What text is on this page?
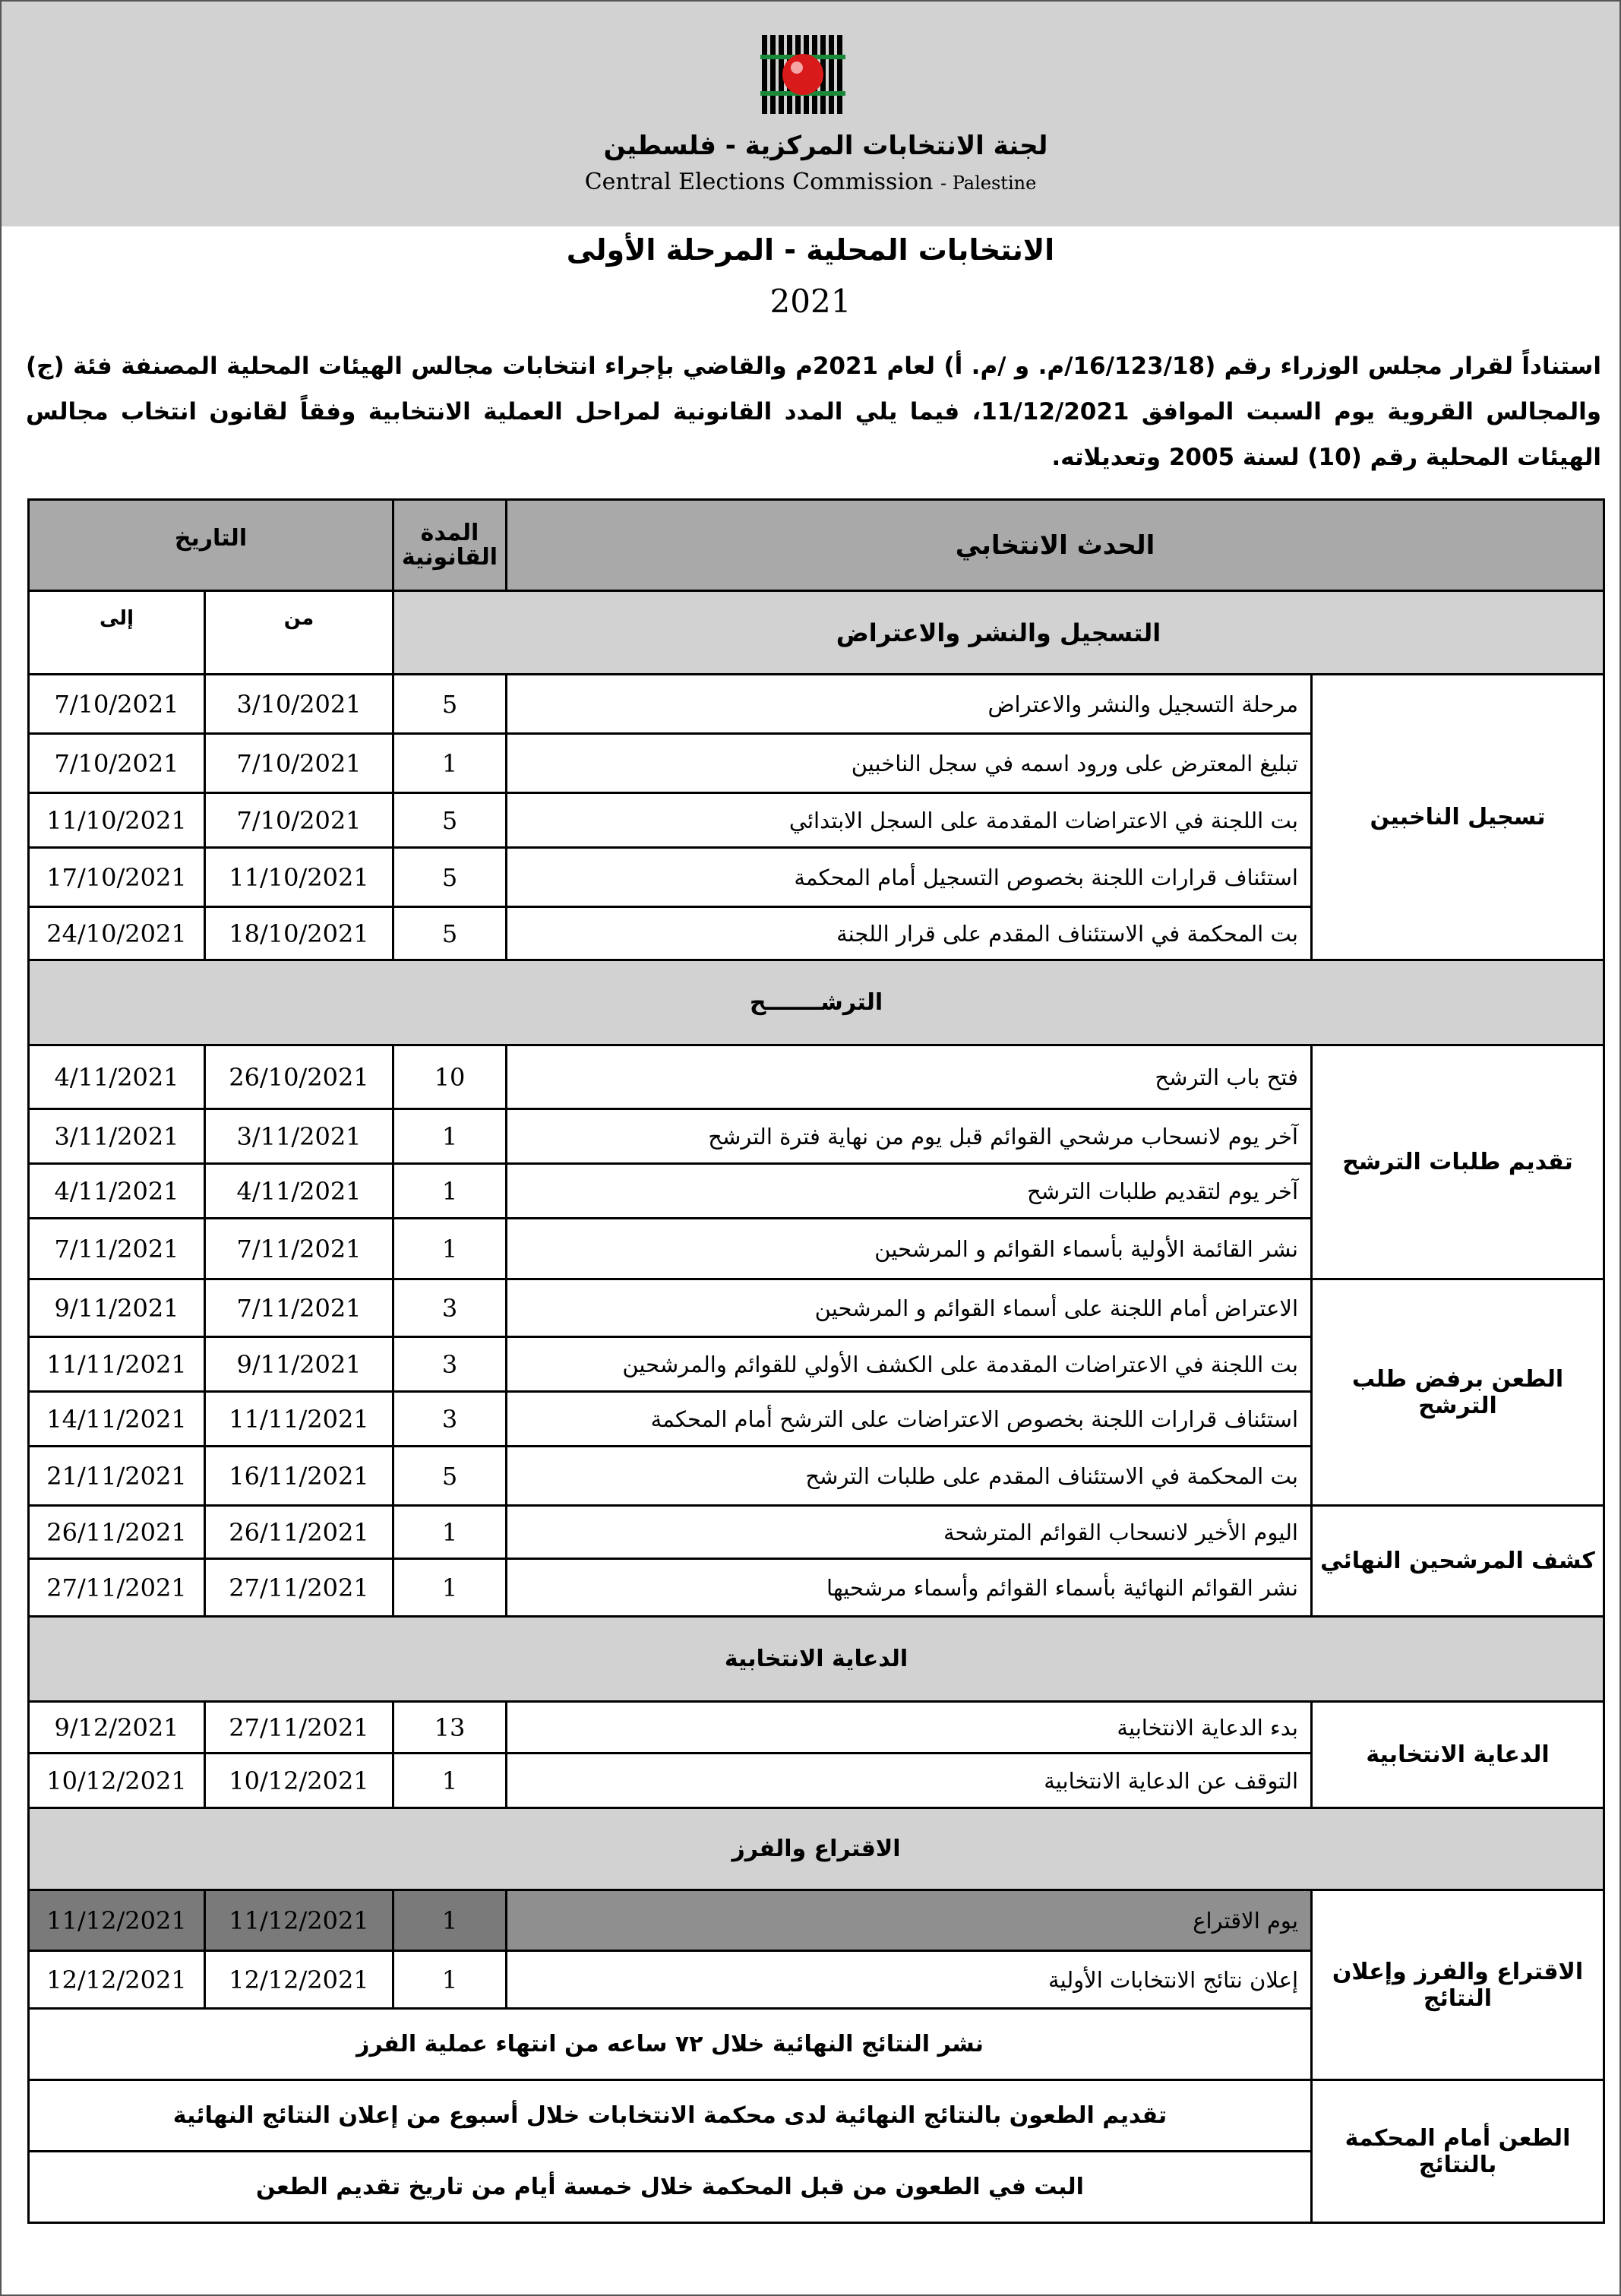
لجنة الانتخابات المركزية - فلسطين
Central Elections Commission - Palestine
الانتخابات المحلية - المرحلة الأولى
2021
استناداً لقرار مجلس الوزراء رقم (16/123/18/م. و /م. أ) لعام 2021م والقاضي بإجراء انتخابات مجالس الهيئات المحلية المصنفة فئة (ج) والمجالس القروية يوم السبت الموافق 11/12/2021، فيما يلي المدد القانونية لمراحل العملية الانتخابية وفقاً لقانون انتخاب مجالس الهيئات المحلية رقم (10) لسنة 2005 وتعديلاته.
الحدث الانتخابي		المدة القانونية	التاريخ	
التسجيل والنشر والاعتراض			من	إلى
تسجيل الناخبين	مرحلة التسجيل والنشر والاعتراض	5	3/10/2021	7/10/2021
	تبليغ المعترض على ورود اسمه في سجل الناخبين	1	7/10/2021	7/10/2021
	بت اللجنة في الاعتراضات المقدمة على السجل الابتدائي	5	7/10/2021	11/10/2021
	استئناف قرارات اللجنة بخصوص التسجيل أمام المحكمة	5	11/10/2021	17/10/2021
	بت المحكمة في الاستئناف المقدم على قرار اللجنة	5	18/10/2021	24/10/2021
الترشـــــــح				
تقديم طلبات الترشح	فتح باب الترشح	10	26/10/2021	4/11/2021
	آخر يوم لانسحاب مرشحي القوائم قبل يوم من نهاية فترة الترشح	1	3/11/2021	3/11/2021
	آخر يوم لتقديم طلبات الترشح	1	4/11/2021	4/11/2021
	نشر القائمة الأولية بأسماء القوائم و المرشحين	1	7/11/2021	7/11/2021
الطعن برفض طلب الترشح	الاعتراض أمام اللجنة على أسماء القوائم و المرشحين	3	7/11/2021	9/11/2021
	بت اللجنة في الاعتراضات المقدمة على الكشف الأولي للقوائم والمرشحين	3	9/11/2021	11/11/2021
	استئناف قرارات اللجنة بخصوص الاعتراضات على الترشح أمام المحكمة	3	11/11/2021	14/11/2021
	بت المحكمة في الاستئناف المقدم على طلبات الترشح	5	16/11/2021	21/11/2021
كشف المرشحين النهائي	اليوم الأخير لانسحاب القوائم المترشحة	1	26/11/2021	26/11/2021
	نشر القوائم النهائية بأسماء القوائم وأسماء مرشحيها	1	27/11/2021	27/11/2021
الدعاية الانتخابية				
الدعاية الانتخابية	بدء الدعاية الانتخابية	13	27/11/2021	9/12/2021
	التوقف عن الدعاية الانتخابية	1	10/12/2021	10/12/2021
الاقتراع والفرز				
الاقتراع والفرز وإعلان النتائج	يوم الاقتراع	1	11/12/2021	11/12/2021
	إعلان نتائج الانتخابات الأولية	1	12/12/2021	12/12/2021
	نشر النتائج النهائية خلال ٧٢ ساعه من انتهاء عملية الفرز			
الطعن أمام المحكمة بالنتائج	تقديم الطعون بالنتائج النهائية لدى محكمة الانتخابات خلال أسبوع من إعلان النتائج النهائية			
	البت في الطعون من قبل المحكمة خلال خمسة أيام من تاريخ تقديم الطعن			
